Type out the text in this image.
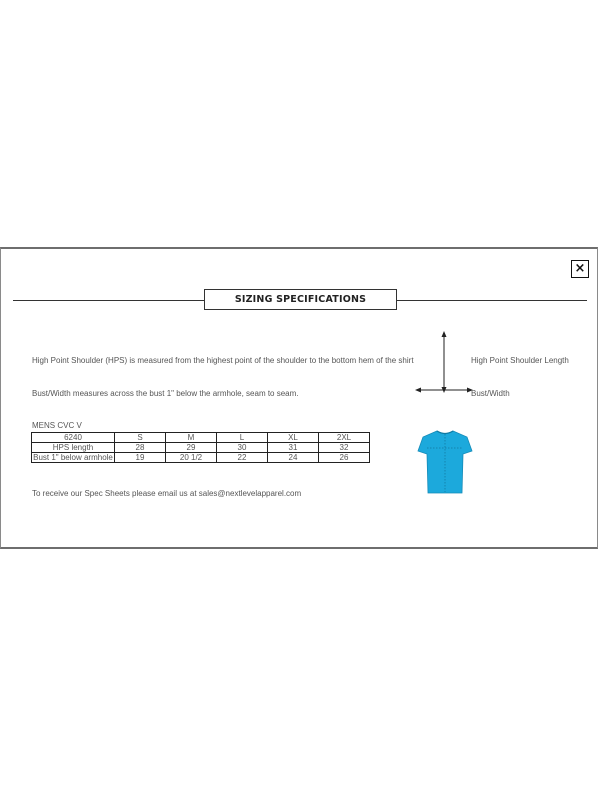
×
SIZING SPECIFICATIONS
High Point Shoulder (HPS) is measured from the highest point of the shoulder to the bottom hem of the shirt
Bust/Width measures across the bust 1" below the armhole, seam to seam.
High Point Shoulder Length
Bust/Width
MENS CVC V
6240	S	M	L	XL	2XL
HPS length	28	29	30	31	32
Bust 1" below armhole	19	20 1/2	22	24	26
To receive our Spec Sheets please email us at sales@nextlevelapparel.com
